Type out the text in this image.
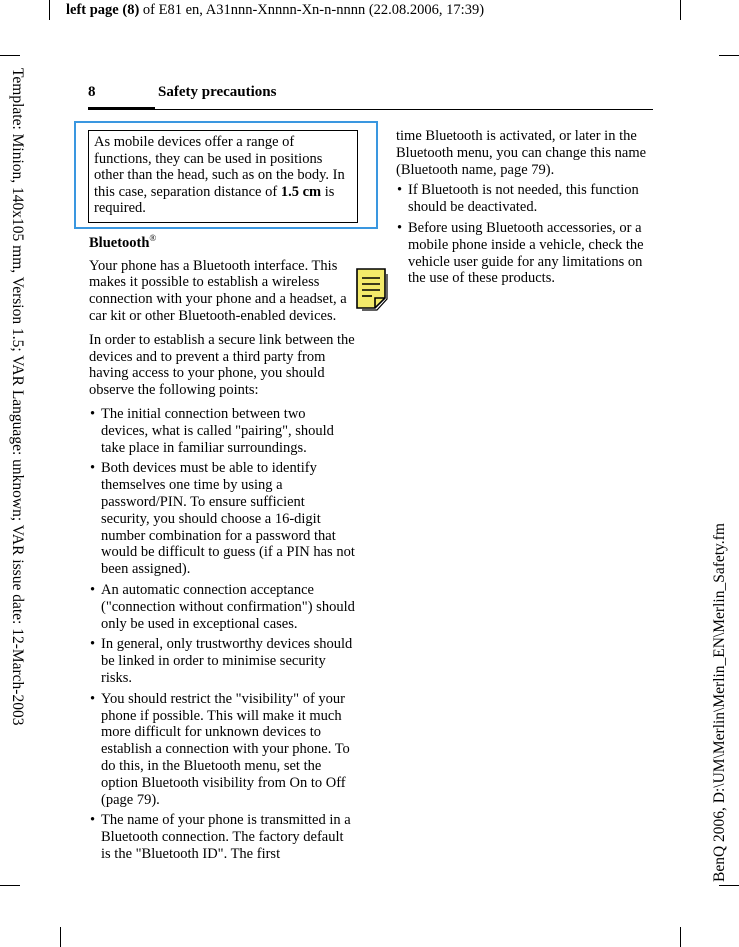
left page (8) of E81 en, A31nnn-Xnnnn-Xn-n-nnnn (22.08.2006, 17:39)
Template: Minion, 140x105 mm, Version 1.5; VAR Language: unknown; VAR issue date: 12-March-2003	BenQ 2006, D:\UM\Merlin\Merlin_EN\Merlin_Safety.fm
8	Safety precautions
As mobile devices offer a range of functions, they can be used in positions other than the head, such as on the body. In this case, separation distance of 1.5 cm is required.
Bluetooth®

Your phone has a Bluetooth interface. This makes it possible to establish a wireless connection with your phone and a headset, a car kit or other Bluetooth-enabled devices.

In order to establish a secure link between the devices and to prevent a third party from having access to your phone, you should observe the following points:

• The initial connection between two devices, what is called "pairing", should take place in familiar surroundings.
• Both devices must be able to identify themselves one time by using a password/PIN. To ensure sufficient security, you should choose a 16-digit number combination for a password that would be difficult to guess (if a PIN has not been assigned).
• An automatic connection acceptance ("connection without confirmation") should only be used in exceptional cases.
• In general, only trustworthy devices should be linked in order to minimise security risks.
• You should restrict the "visibility" of your phone if possible. This will make it much more difficult for unknown devices to establish a connection with your phone. To do this, in the Bluetooth menu, set the option Bluetooth visibility from On to Off (page 79).
• The name of your phone is transmitted in a Bluetooth connection. The factory default is the "Bluetooth ID". The first

time Bluetooth is activated, or later in the Bluetooth menu, you can change this name (Bluetooth name, page 79).

• If Bluetooth is not needed, this function should be deactivated.
• Before using Bluetooth accessories, or a mobile phone inside a vehicle, check the vehicle user guide for any limitations on the use of these products.
